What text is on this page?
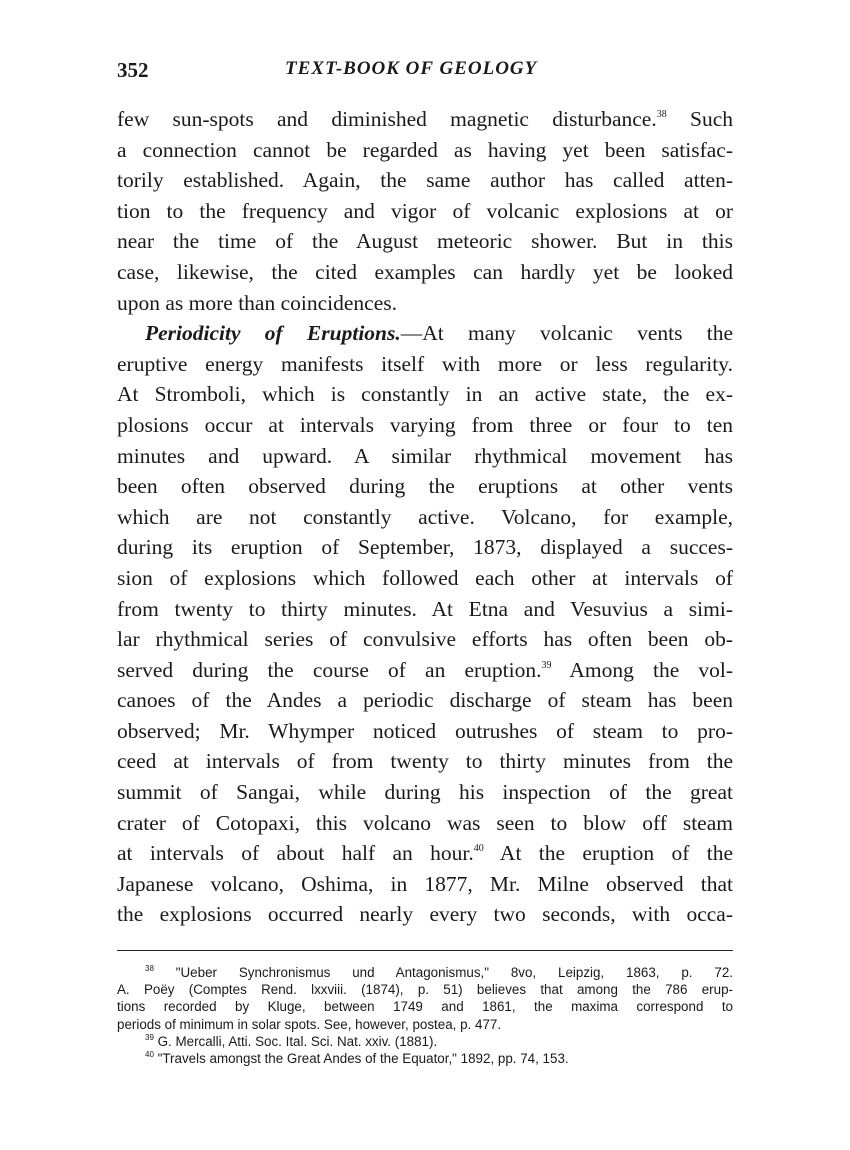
352	TEXT-BOOK OF GEOLOGY
few sun-spots and diminished magnetic disturbance.$^{38}$ Such
a connection cannot be regarded as having yet been satisfac-
torily established. Again, the same author has called atten-
tion to the frequency and vigor of volcanic explosions at or
near the time of the August meteoric shower. But in this
case, likewise, the cited examples can hardly yet be looked
upon as more than coincidences.
Periodicity of Eruptions.—At many volcanic vents the
eruptive energy manifests itself with more or less regularity.
At Stromboli, which is constantly in an active state, the ex-
plosions occur at intervals varying from three or four to ten
minutes and upward. A similar rhythmical movement has
been often observed during the eruptions at other vents
which are not constantly active. Volcano, for example,
during its eruption of September, 1873, displayed a succes-
sion of explosions which followed each other at intervals of
from twenty to thirty minutes. At Etna and Vesuvius a simi-
lar rhythmical series of convulsive efforts has often been ob-
served during the course of an eruption.$^{39}$ Among the vol-
canoes of the Andes a periodic discharge of steam has been
observed; Mr. Whymper noticed outrushes of steam to pro-
ceed at intervals of from twenty to thirty minutes from the
summit of Sangai, while during his inspection of the great
crater of Cotopaxi, this volcano was seen to blow off steam
at intervals of about half an hour.$^{40}$ At the eruption of the
Japanese volcano, Oshima, in 1877, Mr. Milne observed that
the explosions occurred nearly every two seconds, with occa-
$^{38}$ "Ueber Synchronismus und Antagonismus," 8vo, Leipzig, 1863, p. 72.
A. Poëy (Comptes Rend. lxxviii. (1874), p. 51) believes that among the 786 erup-
tions recorded by Kluge, between 1749 and 1861, the maxima correspond to
periods of minimum in solar spots. See, however, postea, p. 477.
$^{39}$ G. Mercalli, Atti. Soc. Ital. Sci. Nat. xxiv. (1881).
$^{40}$ "Travels amongst the Great Andes of the Equator," 1892, pp. 74, 153.
